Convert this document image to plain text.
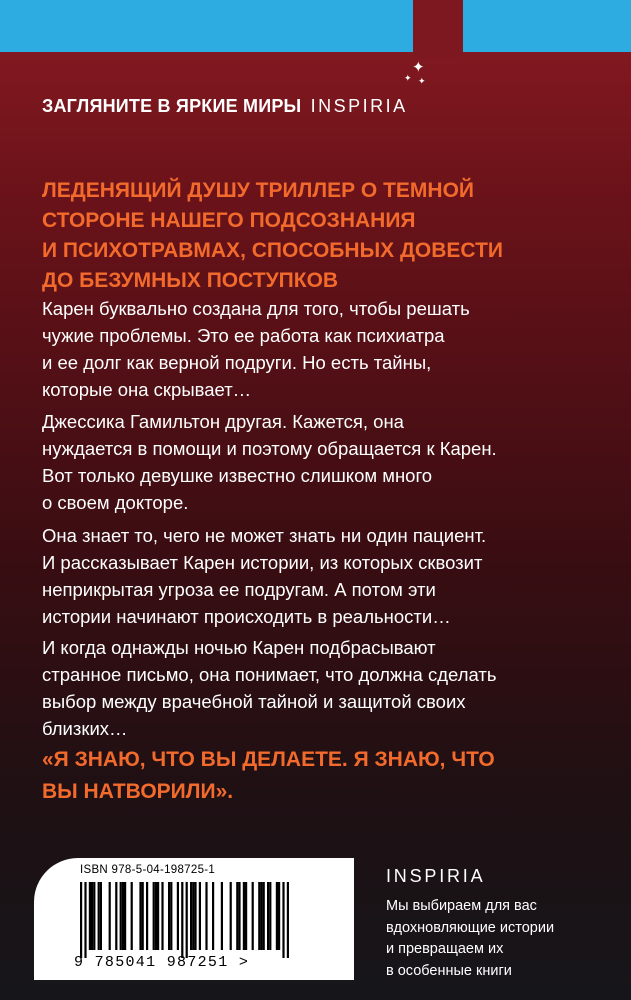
✦
✦ ✦
ЗАГЛЯНИТЕ В ЯРКИЕ МИРЫ INSPIRIA
ЛЕДЕНЯЩИЙ ДУШУ ТРИЛЛЕР О ТЕМНОЙ
СТОРОНЕ НАШЕГО ПОДСОЗНАНИЯ
И ПСИХОТРАВМАХ, СПОСОБНЫХ ДОВЕСТИ
ДО БЕЗУМНЫХ ПОСТУПКОВ
Карен буквально создана для того, чтобы решать
чужие проблемы. Это ее работа как психиатра
и ее долг как верной подруги. Но есть тайны,
которые она скрывает…
Джессика Гамильтон другая. Кажется, она
нуждается в помощи и поэтому обращается к Карен.
Вот только девушке известно слишком много
о своем докторе.
Она знает то, чего не может знать ни один пациент.
И рассказывает Карен истории, из которых сквозит
неприкрытая угроза ее подругам. А потом эти
истории начинают происходить в реальности…
И когда однажды ночью Карен подбрасывают
странное письмо, она понимает, что должна сделать
выбор между врачебной тайной и защитой своих
близких…
«Я ЗНАЮ, ЧТО ВЫ ДЕЛАЕТЕ. Я ЗНАЮ, ЧТО
ВЫ НАТВОРИЛИ».
ISBN 978-5-04-198725-1
9 785041 987251 >
INSPIRIA
Мы выбираем для вас
вдохновляющие истории
и превращаем их
в особенные книги
